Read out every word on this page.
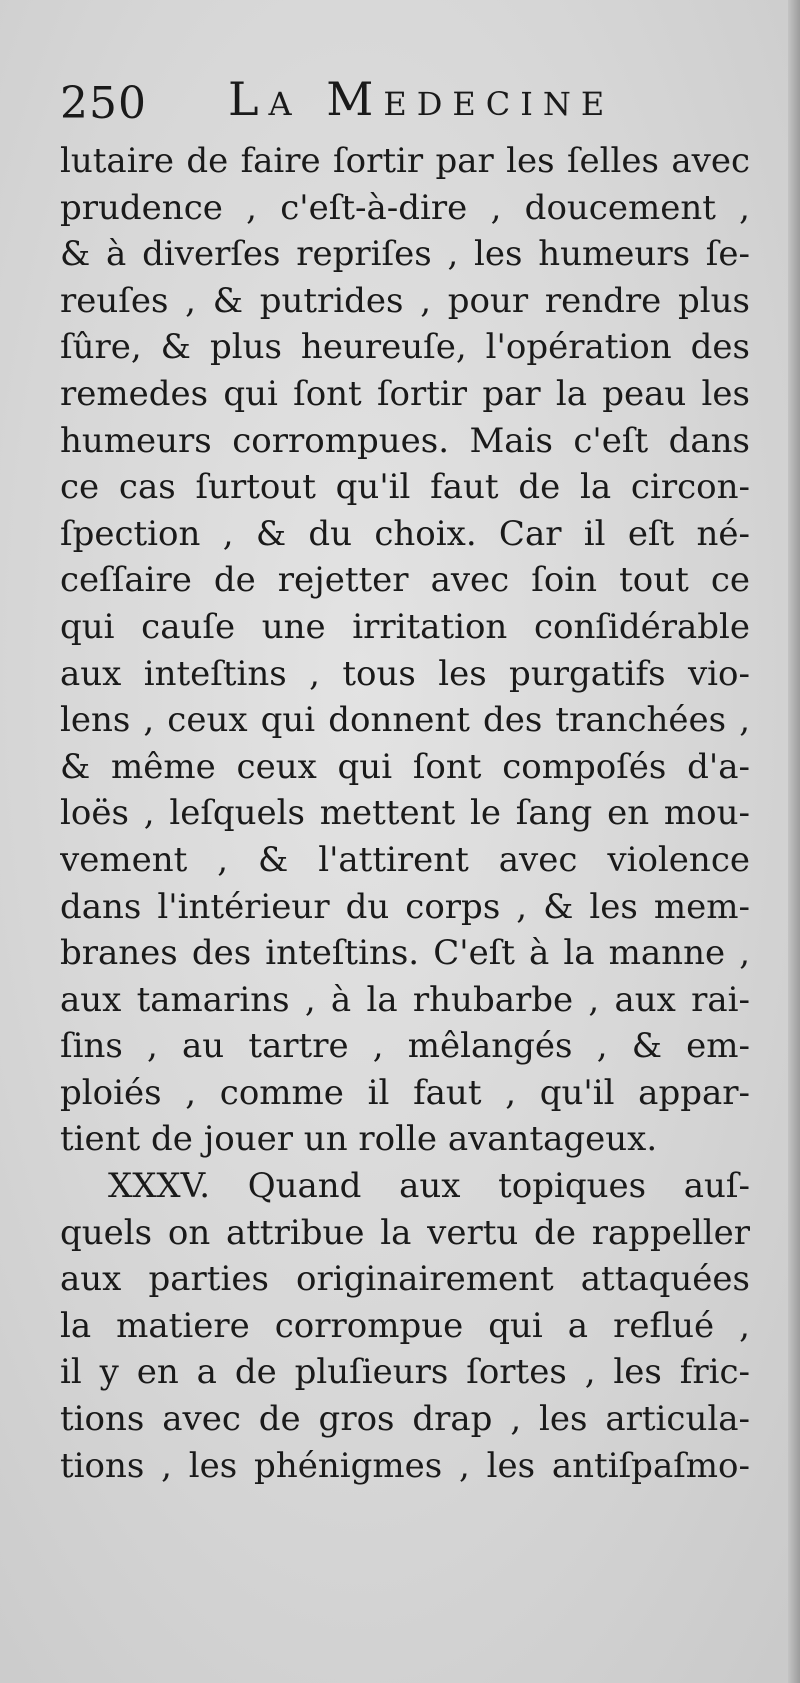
250 La Medecine
lutaire de faire ſortir par les ſelles avec
prudence , c'eſt-à-dire , doucement ,
& à diverſes repriſes , les humeurs ſe-
reuſes , & putrides , pour rendre plus
ſûre, & plus heureuſe, l'opération des
remedes qui ſont ſortir par la peau les
humeurs corrompues. Mais c'eſt dans
ce cas ſurtout qu'il faut de la circon-
ſpection , & du choix. Car il eſt né-
ceſſaire de rejetter avec ſoin tout ce
qui cauſe une irritation conſidérable
aux inteſtins , tous les purgatifs vio-
lens , ceux qui donnent des tranchées ,
& même ceux qui ſont compoſés d'a-
loës , leſquels mettent le ſang en mou-
vement , & l'attirent avec violence
dans l'intérieur du corps , & les mem-
branes des inteſtins. C'eſt à la manne ,
aux tamarins , à la rhubarbe , aux rai-
ſins , au tartre , mêlangés , & em-
ploiés , comme il faut , qu'il appar-
tient de jouer un rolle avantageux.
XXXV. Quand aux topiques auſ-
quels on attribue la vertu de rappeller
aux parties originairement attaquées
la matiere corrompue qui a reflué ,
il y en a de pluſieurs ſortes , les fric-
tions avec de gros drap , les articula-
tions , les phénigmes , les antiſpaſmo-
